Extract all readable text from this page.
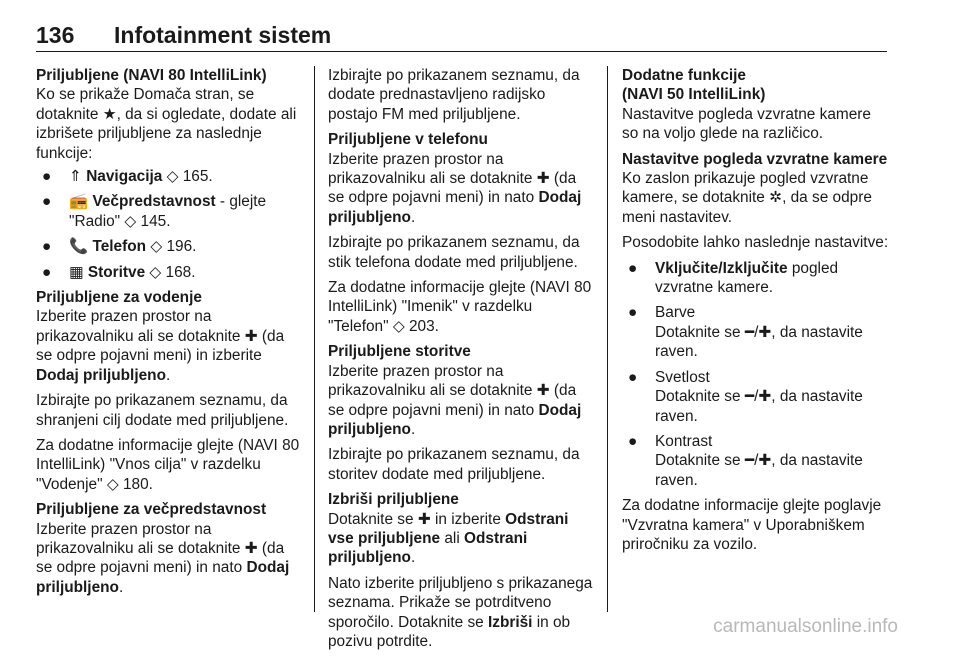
136 Infotainment sistem

Priljubljene (NAVI 80 IntelliLink)

Ko se prikaže Domača stran, se dotaknite ★, da si ogledate, dodate ali izbrišete priljubljene za naslednje funkcije:

● ⇑ Navigacija ◇ 165.
● 📻 Večpredstavnost - glejte
"Radio" ◇ 145.
● 📞 Telefon ◇ 196.
● ▦ Storitve ◇ 168.

Priljubljene za vodenje

Izberite prazen prostor na prikazovalniku ali se dotaknite ✚ (da se odpre pojavni meni) in izberite Dodaj priljubljeno.

Izbirajte po prikazanem seznamu, da shranjeni cilj dodate med priljubljene.

Za dodatne informacije glejte (NAVI 80 IntelliLink) "Vnos cilja" v razdelku "Vodenje" ◇ 180.

Priljubljene za večpredstavnost

Izberite prazen prostor na prikazovalniku ali se dotaknite ✚ (da se odpre pojavni meni) in nato Dodaj priljubljeno.

Izbirajte po prikazanem seznamu, da dodate prednastavljeno radijsko postajo FM med priljubljene.

Priljubljene v telefonu

Izberite prazen prostor na prikazovalniku ali se dotaknite ✚ (da se odpre pojavni meni) in nato Dodaj priljubljeno.

Izbirajte po prikazanem seznamu, da stik telefona dodate med priljubljene.

Za dodatne informacije glejte (NAVI 80 IntelliLink) "Imenik" v razdelku "Telefon" ◇ 203.

Priljubljene storitve

Izberite prazen prostor na prikazovalniku ali se dotaknite ✚ (da se odpre pojavni meni) in nato Dodaj priljubljeno.

Izbirajte po prikazanem seznamu, da storitev dodate med priljubljene.

Izbriši priljubljene

Dotaknite se ✚ in izberite Odstrani vse priljubljene ali Odstrani priljubljeno.

Nato izberite priljubljeno s prikazanega seznama. Prikaže se potrditveno sporočilo. Dotaknite se Izbriši in ob pozivu potrdite.

Dodatne funkcije

(NAVI 50 IntelliLink)

Nastavitve pogleda vzvratne kamere so na voljo glede na različico.

Nastavitve pogleda vzvratne kamere

Ko zaslon prikazuje pogled vzvratne kamere, se dotaknite ✲, da se odpre meni nastavitev.

Posodobite lahko naslednje nastavitve:

● Vključite/Izključite pogled
vzvratne kamere.
● Barve
Dotaknite se ━/✚, da nastavite raven.
● Svetlost
Dotaknite se ━/✚, da nastavite raven.
● Kontrast
Dotaknite se ━/✚, da nastavite raven.

Za dodatne informacije glejte poglavje "Vzvratna kamera" v Uporabniškem priročniku za vozilo.

carmanualsonline.info
